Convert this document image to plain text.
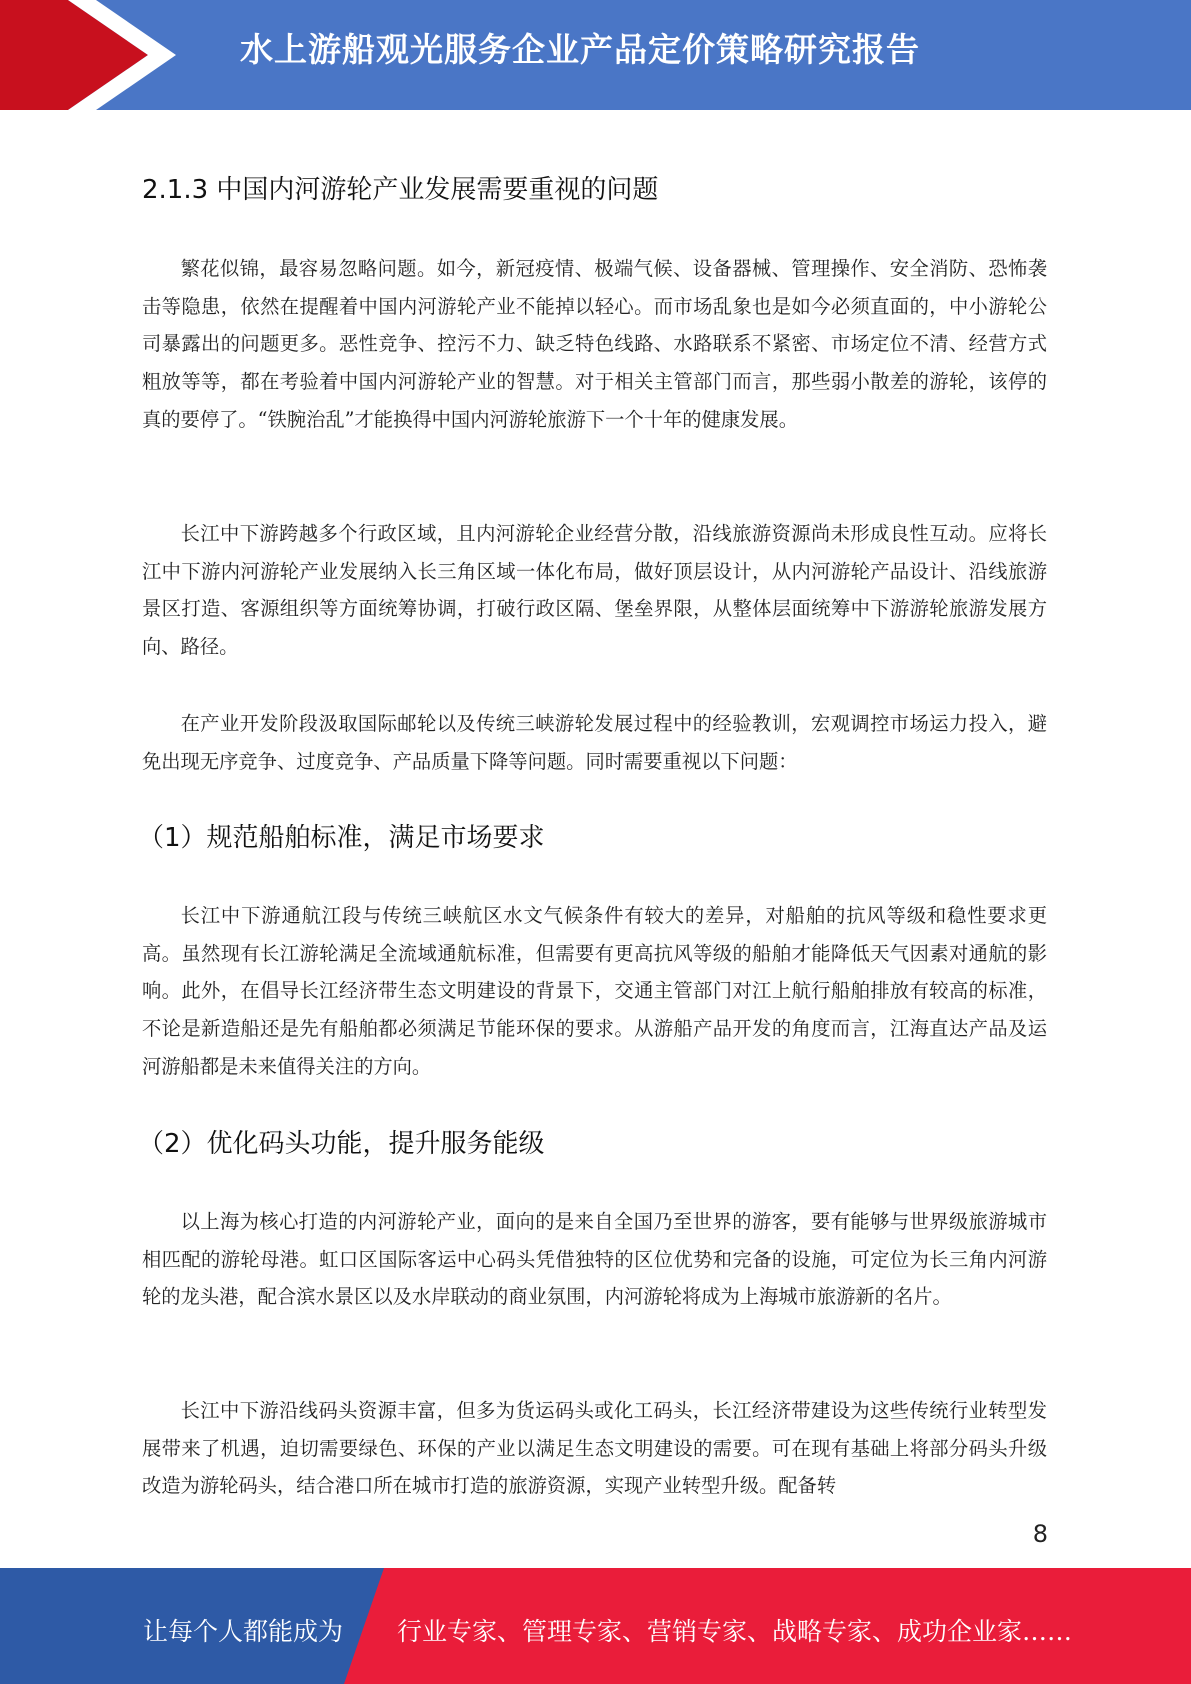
水上游船观光服务企业产品定价策略研究报告
2.1.3 中国内河游轮产业发展需要重视的问题
繁花似锦，最容易忽略问题。如今，新冠疫情、极端气候、设备器械、管理操作、安全消防、恐怖袭击等隐患，依然在提醒着中国内河游轮产业不能掉以轻心。而市场乱象也是如今必须直面的，中小游轮公司暴露出的问题更多。恶性竞争、控污不力、缺乏特色线路、水路联系不紧密、市场定位不清、经营方式粗放等等，都在考验着中国内河游轮产业的智慧。对于相关主管部门而言，那些弱小散差的游轮，该停的真的要停了。“铁腕治乱”才能换得中国内河游轮旅游下一个十年的健康发展。
长江中下游跨越多个行政区域，且内河游轮企业经营分散，沿线旅游资源尚未形成良性互动。应将长江中下游内河游轮产业发展纳入长三角区域一体化布局，做好顶层设计，从内河游轮产品设计、沿线旅游景区打造、客源组织等方面统筹协调，打破行政区隔、堡垒界限，从整体层面统筹中下游游轮旅游发展方向、路径。
在产业开发阶段汲取国际邮轮以及传统三峡游轮发展过程中的经验教训，宏观调控市场运力投入，避免出现无序竞争、过度竞争、产品质量下降等问题。同时需要重视以下问题：
（1）规范船舶标准，满足市场要求
长江中下游通航江段与传统三峡航区水文气候条件有较大的差异，对船舶的抗风等级和稳性要求更高。虽然现有长江游轮满足全流域通航标准，但需要有更高抗风等级的船舶才能降低天气因素对通航的影响。此外，在倡导长江经济带生态文明建设的背景下，交通主管部门对江上航行船舶排放有较高的标准，不论是新造船还是先有船舶都必须满足节能环保的要求。从游船产品开发的角度而言，江海直达产品及运河游船都是未来值得关注的方向。
（2）优化码头功能，提升服务能级
以上海为核心打造的内河游轮产业，面向的是来自全国乃至世界的游客，要有能够与世界级旅游城市相匹配的游轮母港。虹口区国际客运中心码头凭借独特的区位优势和完备的设施，可定位为长三角内河游轮的龙头港，配合滨水景区以及水岸联动的商业氛围，内河游轮将成为上海城市旅游新的名片。
长江中下游沿线码头资源丰富，但多为货运码头或化工码头，长江经济带建设为这些传统行业转型发展带来了机遇，迫切需要绿色、环保的产业以满足生态文明建设的需要。可在现有基础上将部分码头升级改造为游轮码头，结合港口所在城市打造的旅游资源，实现产业转型升级。配备转
8
让每个人都能成为 行业专家、管理专家、营销专家、战略专家、成功企业家……
